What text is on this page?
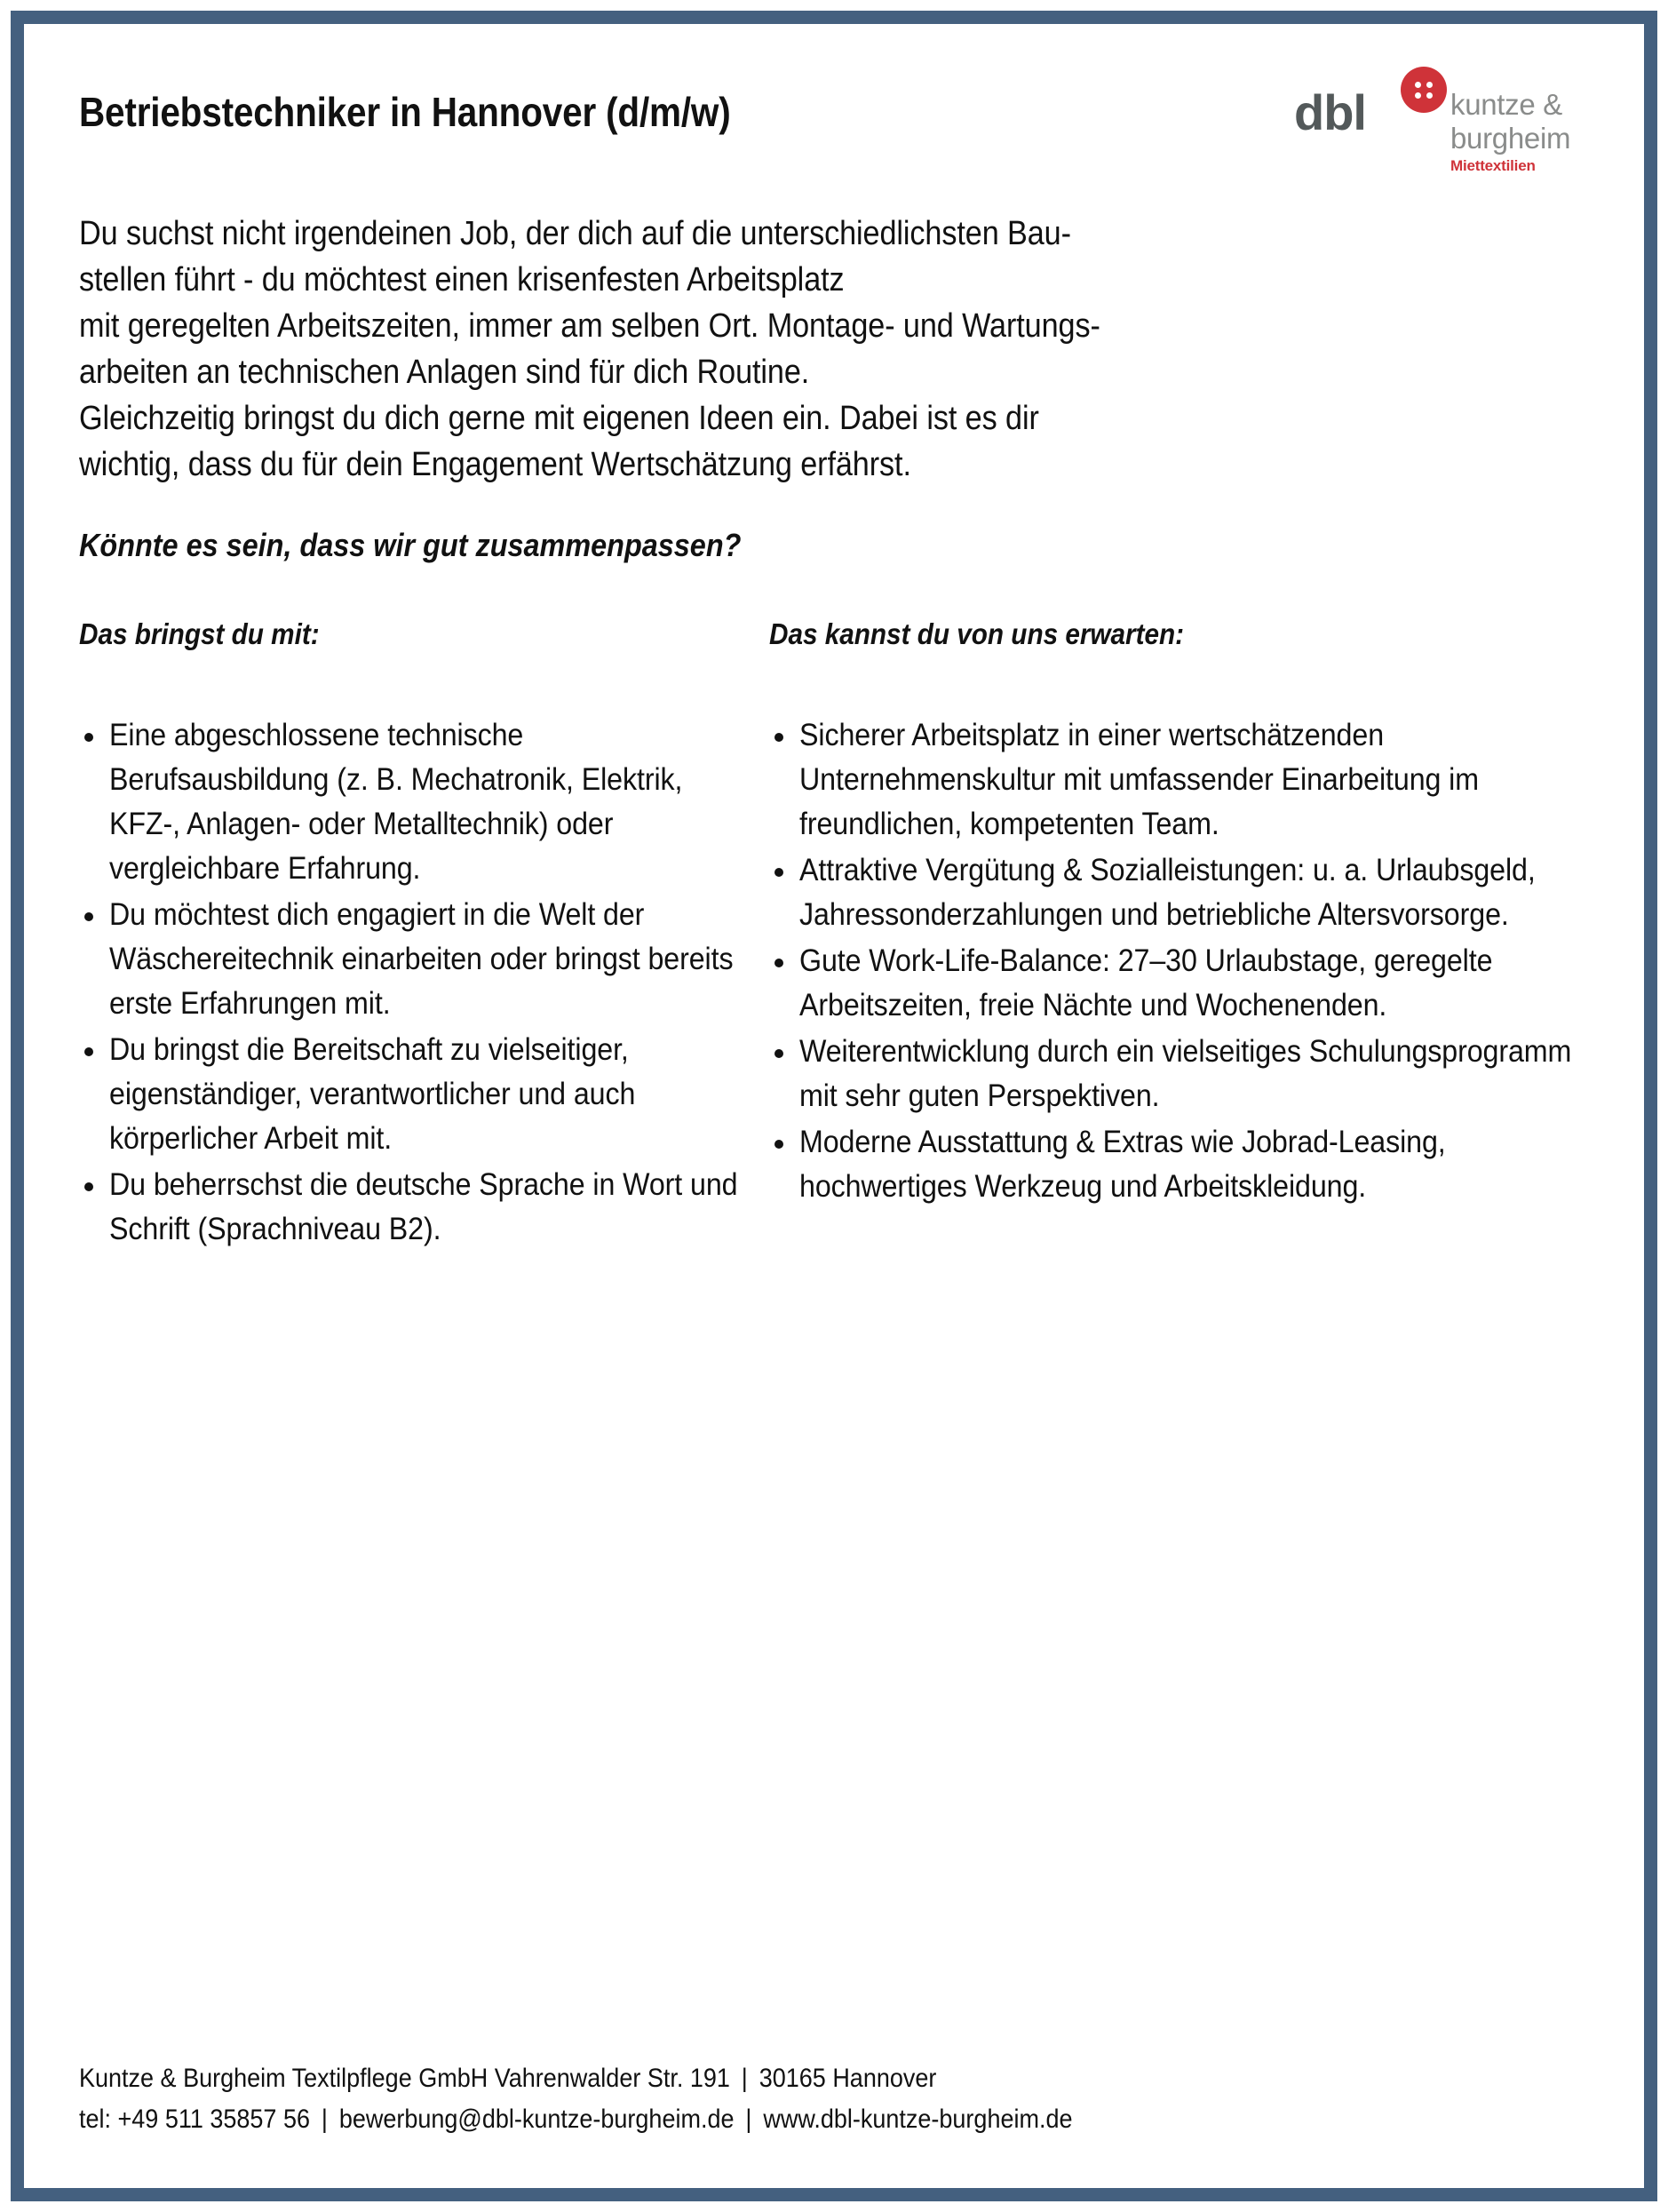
Betriebstechniker in Hannover (d/m/w)	dbl	kuntze &
burgheim
Miettextilien
Du suchst nicht irgendeinen Job, der dich auf die unterschiedlichsten Bau-
stellen führt - du möchtest einen krisenfesten Arbeitsplatz
mit geregelten Arbeitszeiten, immer am selben Ort. Montage- und Wartungs-
arbeiten an technischen Anlagen sind für dich Routine.
Gleichzeitig bringst du dich gerne mit eigenen Ideen ein. Dabei ist es dir
wichtig, dass du für dein Engagement Wertschätzung erfährst.
Könnte es sein, dass wir gut zusammenpassen?
Das bringst du mit:
Eine abgeschlossene technische Berufsausbildung (z. B. Mechatronik, Elektrik, KFZ-, Anlagen- oder Metalltechnik) oder vergleichbare Erfahrung.
Du möchtest dich engagiert in die Welt der Wäschereitechnik einarbeiten oder bringst bereits erste Erfahrungen mit.
Du bringst die Bereitschaft zu vielseitiger, eigenständiger, verantwortlicher und auch körperlicher Arbeit mit.
Du beherrschst die deutsche Sprache in Wort und Schrift (Sprachniveau B2).
Das kannst du von uns erwarten:
Sicherer Arbeitsplatz in einer wertschätzenden Unternehmenskultur mit umfassender Einarbeitung im freundlichen, kompetenten Team.
Attraktive Vergütung & Sozialleistungen: u. a. Urlaubsgeld, Jahressonderzahlungen und betriebliche Altersvorsorge.
Gute Work-Life-Balance: 27–30 Urlaubstage, geregelte Arbeitszeiten, freie Nächte und Wochenenden.
Weiterentwicklung durch ein vielseitiges Schulungsprogramm mit sehr guten Perspektiven.
Moderne Ausstattung & Extras wie Jobrad-Leasing, hochwertiges Werkzeug und Arbeitskleidung.
Kuntze & Burgheim Textilpflege GmbH Vahrenwalder Str. 191 | 30165 Hannover
tel: +49 511 35857 56 | bewerbung@dbl-kuntze-burgheim.de | www.dbl-kuntze-burgheim.de
